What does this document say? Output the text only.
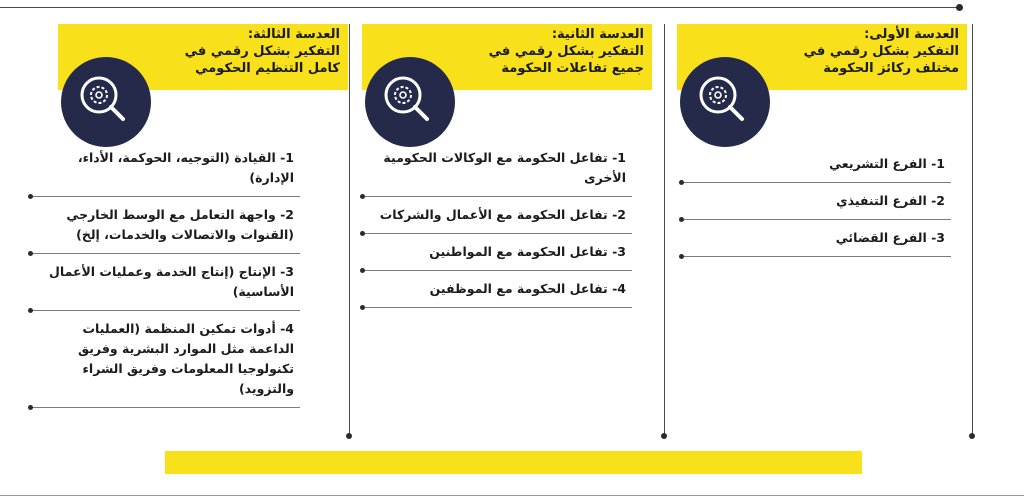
العدسة الأولى:
التفكير بشكل رقمي في
مختلف ركائز الحكومة
1- الفرع التشريعي
2- الفرع التنفيذي
3- الفرع القضائي
العدسة الثانية:
التفكير بشكل رقمي في
جميع تفاعلات الحكومة
1- تفاعل الحكومة مع الوكالات الحكومية الأخرى
2- تفاعل الحكومة مع الأعمال والشركات
3- تفاعل الحكومة مع المواطنين
4- تفاعل الحكومة مع الموظفين
العدسة الثالثة:
التفكير بشكل رقمي في
كامل التنظيم الحكومي
1- القيادة (التوجيه، الحوكمة، الأداء، الإدارة)
2- واجهة التعامل مع الوسط الخارجي (القنوات والاتصالات والخدمات، إلخ)
3- الإنتاج (إنتاج الخدمة وعمليات الأعمال الأساسية)
4- أدوات تمكين المنظمة (العمليات الداعمة مثل الموارد البشرية وفريق تكنولوجيا المعلومات وفريق الشراء والتزويد)
